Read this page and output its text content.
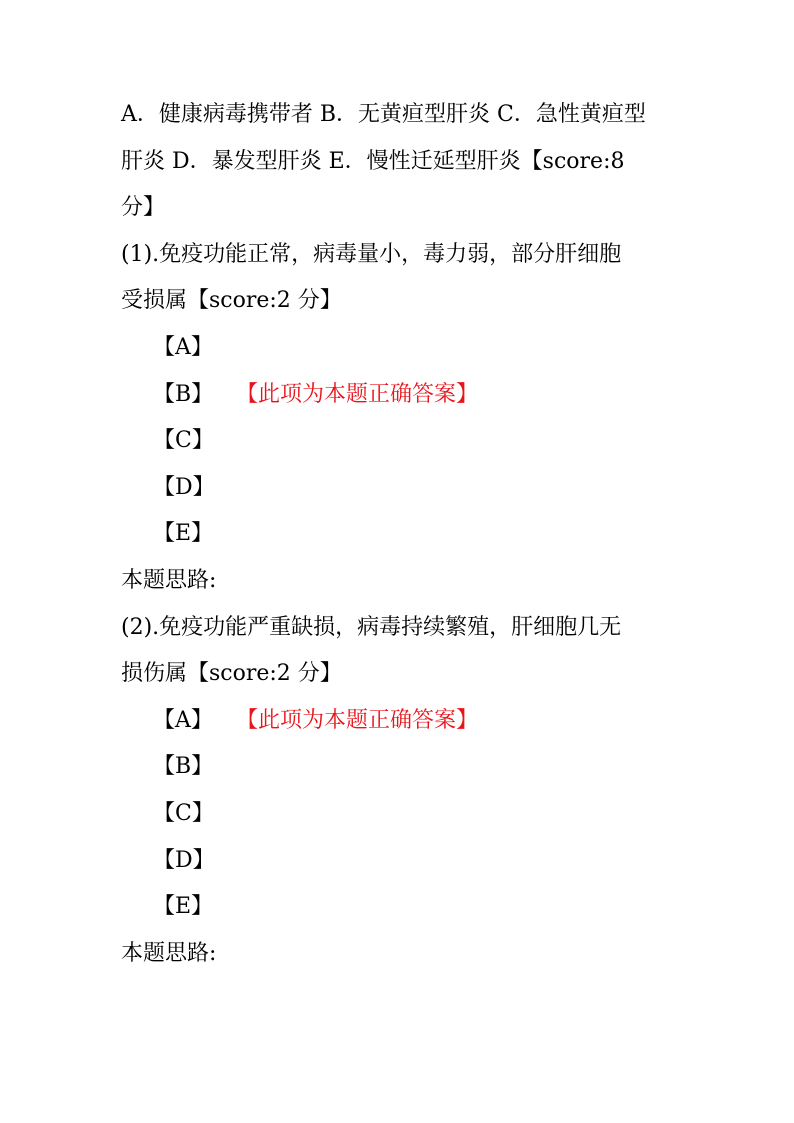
A．健康病毒携带者 B．无黄疸型肝炎 C．急性黄疸型
肝炎 D．暴发型肝炎 E．慢性迁延型肝炎【score:8
分】
(1).免疫功能正常，病毒量小，毒力弱，部分肝细胞
受损属【score:2 分】
【A】
【B】 【此项为本题正确答案】
【C】
【D】
【E】
本题思路:
(2).免疫功能严重缺损，病毒持续繁殖，肝细胞几无
损伤属【score:2 分】
【A】 【此项为本题正确答案】
【B】
【C】
【D】
【E】
本题思路:
